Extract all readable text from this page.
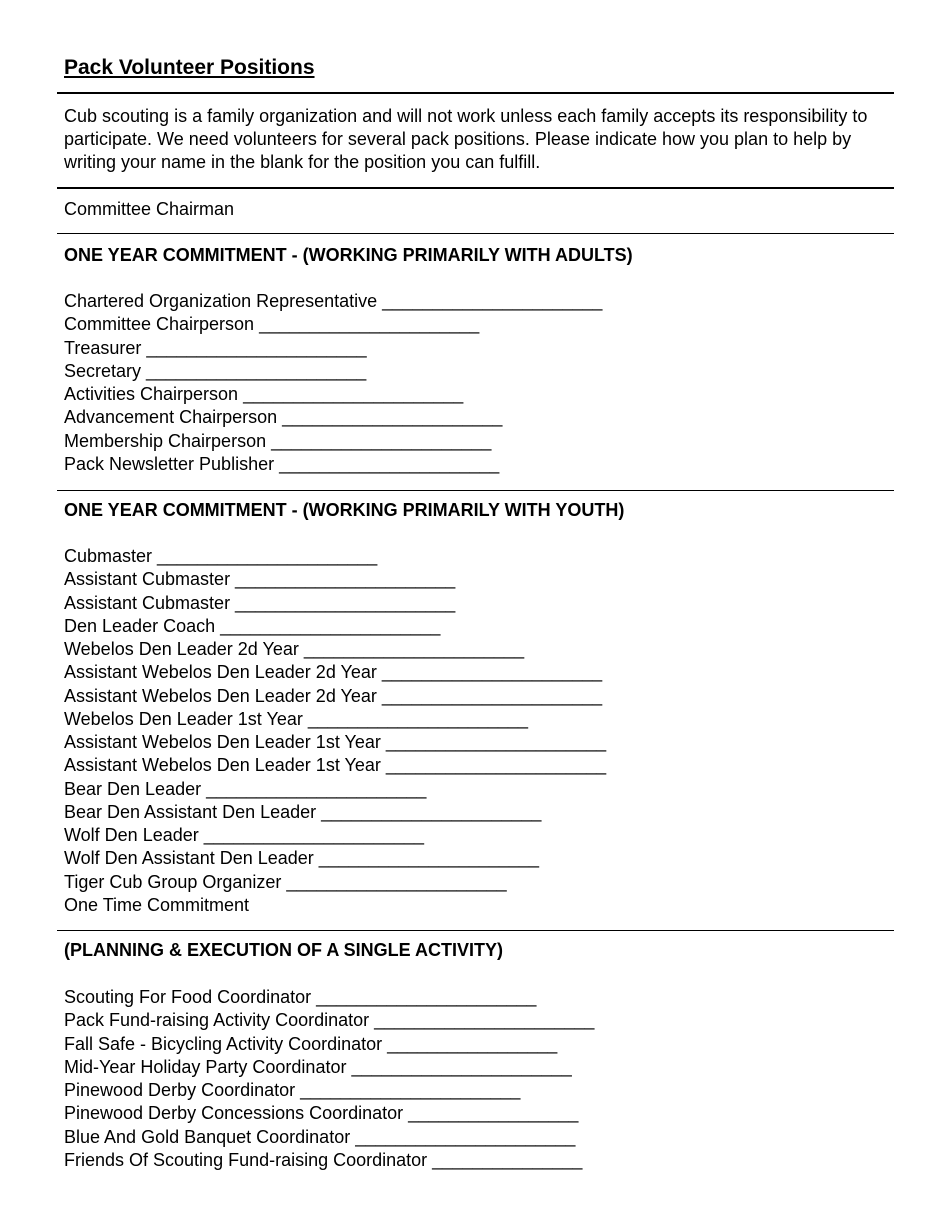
Pack Volunteer Positions

Cub scouting is a family organization and will not work unless each family accepts its responsibility to participate. We need volunteers for several pack positions. Please indicate how you plan to help by writing your name in the blank for the position you can fulfill.

Committee Chairman

ONE YEAR COMMITMENT - (WORKING PRIMARILY WITH ADULTS)
Chartered Organization Representative ______________________
Committee Chairperson ______________________
Treasurer ______________________
Secretary ______________________
Activities Chairperson ______________________
Advancement Chairperson ______________________
Membership Chairperson ______________________
Pack Newsletter Publisher ______________________
ONE YEAR COMMITMENT - (WORKING PRIMARILY WITH YOUTH)
Cubmaster ______________________
Assistant Cubmaster ______________________
Assistant Cubmaster ______________________
Den Leader Coach ______________________
Webelos Den Leader 2d Year ______________________
Assistant Webelos Den Leader 2d Year ______________________
Assistant Webelos Den Leader 2d Year ______________________
Webelos Den Leader 1st Year ______________________
Assistant Webelos Den Leader 1st Year ______________________
Assistant Webelos Den Leader 1st Year ______________________
Bear Den Leader ______________________
Bear Den Assistant Den Leader ______________________
Wolf Den Leader ______________________
Wolf Den Assistant Den Leader ______________________
Tiger Cub Group Organizer ______________________
One Time Commitment
(PLANNING & EXECUTION OF A SINGLE ACTIVITY)
Scouting For Food Coordinator ______________________
Pack Fund-raising Activity Coordinator ______________________
Fall Safe - Bicycling Activity Coordinator _________________
Mid-Year Holiday Party Coordinator ______________________
Pinewood Derby Coordinator ______________________
Pinewood Derby Concessions Coordinator _________________
Blue And Gold Banquet Coordinator ______________________
Friends Of Scouting Fund-raising Coordinator _______________
